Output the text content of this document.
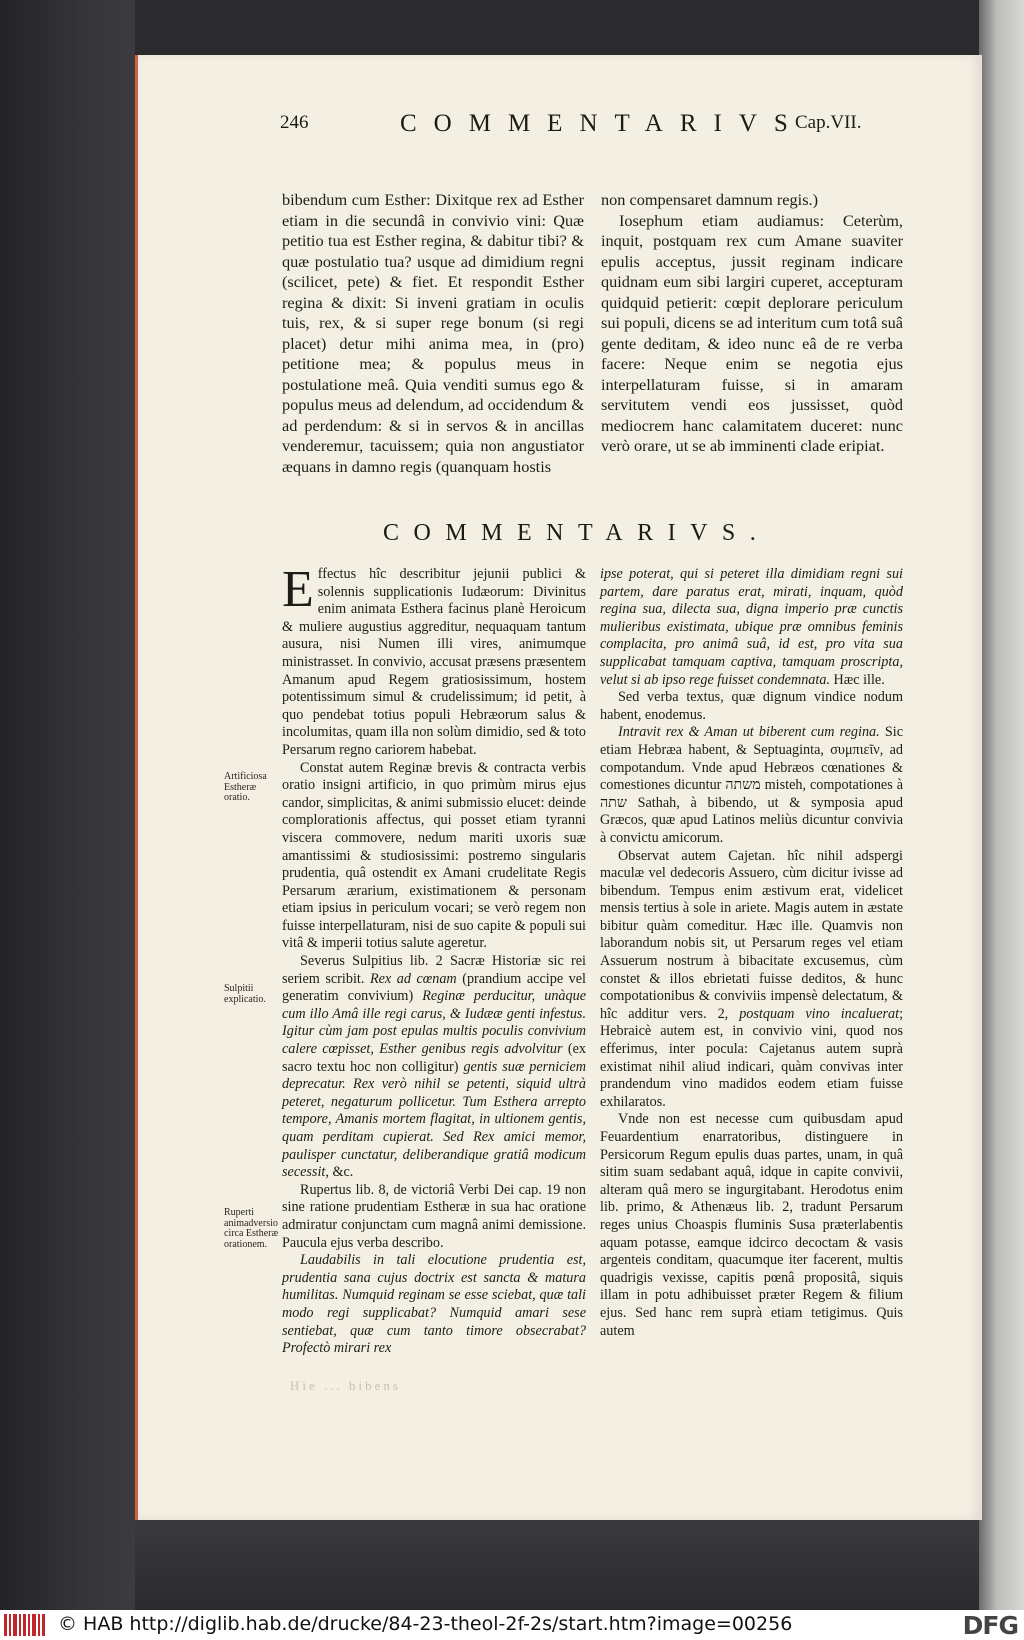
246	COMMENTARIVS
Cap.VII.

bibendum cum Esther: Dixitque rex ad Esther etiam in die secundâ in convivio vini: Quæ petitio tua est Esther regina, & dabitur tibi? & quæ postulatio tua? usque ad dimidium regni (scilicet, pete) & fiet. Et respondit Esther regina & dixit: Si inveni gratiam in oculis tuis, rex, & si super rege bonum (si regi placet) detur mihi anima mea, in (pro) petitione mea; & populus meus in postulatione meâ. Quia venditi sumus ego & populus meus ad delendum, ad occidendum & ad perdendum: & si in servos & in ancillas venderemur, tacuissem; quia non angustiator æquans in damno regis (quanquam hostis

non compensaret damnum regis.)

Iosephum etiam audiamus: Ceterùm, inquit, postquam rex cum Amane suaviter epulis acceptus, jussit reginam indicare quidnam eum sibi largiri cuperet, accepturam quidquid petierit: cœpit deplorare periculum sui populi, dicens se ad interitum cum totâ suâ gente deditam, & ideo nunc eâ de re verba facere: Neque enim se negotia ejus interpellaturam fuisse, si in amaram servitutem vendi eos jussisset, quòd mediocrem hanc calamitatem duceret: nunc verò orare, ut se ab imminenti clade eripiat.

COMMENTARIVS.

Effectus hîc describitur jejunii publici & solennis supplicationis Iudæorum: Divinitus enim animata Esthera facinus planè Heroicum & muliere augustius aggreditur, nequaquam tantum ausura, nisi Numen illi vires, animumque ministrasset. In convivio, accusat præsens præsentem Amanum apud Regem gratiosissimum, hostem potentissimum simul & crudelissimum; id petit, à quo pendebat totius populi Hebræorum salus & incolumitas, quam illa non solùm dimidio, sed & toto Persarum regno cariorem habebat.

Constat autem Reginæ brevis & contracta verbis oratio insigni artificio, in quo primùm mirus ejus candor, simplicitas, & animi submissio elucet: deinde complorationis affectus, qui posset etiam tyranni viscera commovere, nedum mariti uxoris suæ amantissimi & studiosissimi: postremo singularis prudentia, quâ ostendit ex Amani crudelitate Regis Persarum ærarium, existimationem & personam etiam ipsius in periculum vocari; se verò regem non fuisse interpellaturam, nisi de suo capite & populi sui vitâ & imperii totius salute ageretur.

Severus Sulpitius lib. 2 Sacræ Historiæ sic rei seriem scribit. Rex ad cœnam (prandium accipe vel generatim convivium) Reginæ perducitur, unàque cum illo Amâ ille regi carus, & Iudææ genti infestus. Igitur cùm jam post epulas multis poculis convivium calere cœpisset, Esther genibus regis advolvitur (ex sacro textu hoc non colligitur) gentis suæ perniciem deprecatur. Rex verò nihil se petenti, siquid ultrà peteret, negaturum pollicetur. Tum Esthera arrepto tempore, Amanis mortem flagitat, in ultionem gentis, quam perditam cupierat. Sed Rex amici memor, paulisper cunctatur, deliberandique gratiâ modicum secessit, &c.

Rupertus lib. 8, de victoriâ Verbi Dei cap. 19 non sine ratione prudentiam Estheræ in sua hac oratione admiratur conjunctam cum magnâ animi demissione. Paucula ejus verba describo.

Laudabilis in tali elocutione prudentia est, prudentia sana cujus doctrix est sancta & matura humilitas. Numquid reginam se esse sciebat, quæ tali modo regi supplicabat? Numquid amari sese sentiebat, quæ cum tanto timore obsecrabat? Profectò mirari rex

ipse poterat, qui si peteret illa dimidiam regni sui partem, dare paratus erat, mirati, inquam, quòd regina sua, dilecta sua, digna imperio præ cunctis mulieribus existimata, ubique præ omnibus feminis complacita, pro animâ suâ, id est, pro vita sua supplicabat tamquam captiva, tamquam proscripta, velut si ab ipso rege fuisset condemnata. Hæc ille.

Sed verba textus, quæ dignum vindice nodum habent, enodemus.

Intravit rex & Aman ut biberent cum regina. Sic etiam Hebræa habent, & Septuaginta, συμπιεῖν, ad compotandum. Vnde apud Hebræos cœnationes & comestiones dicuntur משתה misteh, compotationes à שתה Sathah, à bibendo, ut & symposia apud Græcos, quæ apud Latinos meliùs dicuntur convivia à convictu amicorum.

Observat autem Cajetan. hîc nihil adspergi maculæ vel dedecoris Assuero, cùm dicitur ivisse ad bibendum. Tempus enim æstivum erat, videlicet mensis tertius à sole in ariete. Magis autem in æstate bibitur quàm comeditur. Hæc ille. Quamvis non laborandum nobis sit, ut Persarum reges vel etiam Assuerum nostrum à bibacitate excusemus, cùm constet & illos ebrietati fuisse deditos, & hunc compotationibus & conviviis impensè delectatum, & hîc additur vers. 2, postquam vino incaluerat; Hebraicè autem est, in convivio vini, quod nos efferimus, inter pocula: Cajetanus autem suprà existimat nihil aliud indicari, quàm convivas inter prandendum vino madidos eodem etiam fuisse exhilaratos.

Vnde non est necesse cum quibusdam apud Feuardentium enarratoribus, distinguere in Persicorum Regum epulis duas partes, unam, in quâ sitim suam sedabant aquâ, idque in capite convivii, alteram quâ mero se ingurgitabant. Herodotus enim lib. primo, & Athenæus lib. 2, tradunt Persarum reges unius Choaspis fluminis Susa præterlabentis aquam potasse, eamque idcirco decoctam & vasis argenteis conditam, quacumque iter facerent, multis quadrigis vexisse, capitis pœnâ propositâ, siquis illam in potu adhibuisset præter Regem & filium ejus. Sed hanc rem suprà etiam tetigimus. Quis autem

Artificiosa Estheræ oratio.
Sulpitii explicatio.
Ruperti animadversio circa Estheræ orationem.
Hie ... bibens
© HAB http://diglib.hab.de/drucke/84-23-theol-2f-2s/start.htm?image=00256	DFG
